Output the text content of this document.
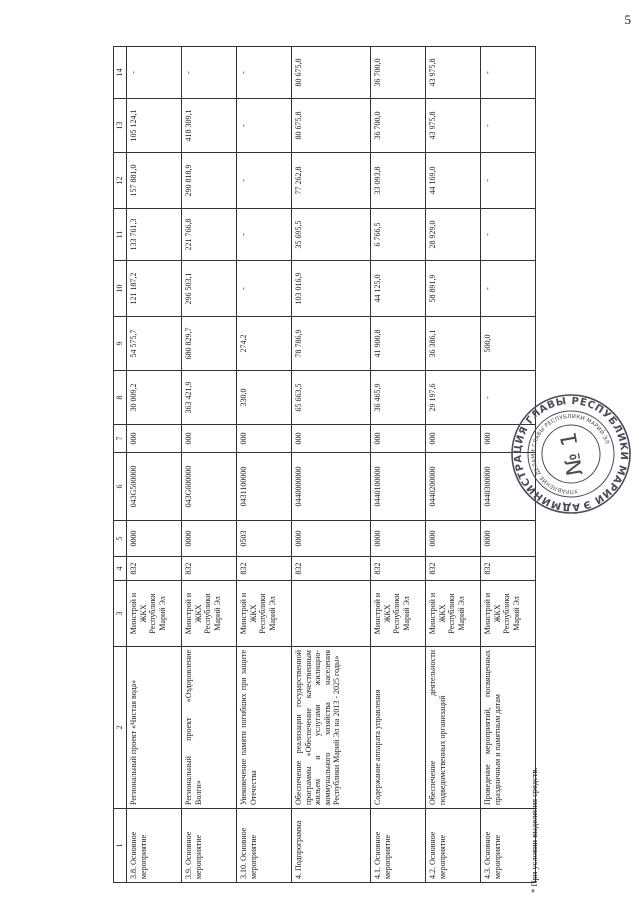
5
1	2	3	4	5	6	7	8	9	10	11	12	13	14
3.8. Основное мероприятие	Региональный проект «Чистая вода»	Минстрой и ЖКХ Республики Марий Эл	832	0000	043G500000	000	30 009,2	54 575,7	121 187,2	133 761,3	157 881,0	105 124,1	-
3.9. Основное мероприятие	Региональный проект «Оздоровление Волги»	Минстрой и ЖКХ Республики Марий Эл	832	0000	043G600000	000	363 421,9	680 829,7	296 503,1	221 766,8	290 818,9	418 309,1	-
3.10. Основное мероприятие	Увековечение памяти погибших при защите Отечества	Минстрой и ЖКХ Республики Марий Эл	832	0503	0431100000	000	330,0	274,2	-	-	-	-	-
4. Подпрограмма	Обеспечение реализации государственной программы «Обеспечение качественным жильем и услугами жилищно-коммунального хозяйства населения Республики Марий Эл на 2013 - 2025 годы»		832	0000	0440000000	000	65 663,5	78 786,9	103 016,9	35 695,5	77 262,8	80 675,8	80 675,8
4.1. Основное мероприятие	Содержание аппарата управления	Минстрой и ЖКХ Республики Марий Эл	832	0000	0440100000	000	36 465,9	41 900,8	44 125,0	6 766,5	33 093,8	36 700,0	36 700,0
4.2. Основное мероприятие	Обеспечение деятельности подведомственных организаций	Минстрой и ЖКХ Республики Марий Эл	832	0000	0440200000	000	29 197,6	36 386,1	58 891,9	28 929,0	44 169,0	43 975,8	43 975,8
4.3. Основное мероприятие	Проведение мероприятий, посвященных праздничным и памятным датам	Минстрой и ЖКХ Республики Марий Эл	832	0000	0440300000	000	-	500,0	-	-	-	-	-
* При условии выделения средств.
АДМИНИСТРАЦИЯ ГЛАВЫ РЕСПУБЛИКИ МАРИЙ ЭЛ
УПРАВЛЕНИЕ ДЕЛАМИ ГЛАВЫ РЕСПУБЛИКИ МАРИЙ ЭЛ
№ 1
